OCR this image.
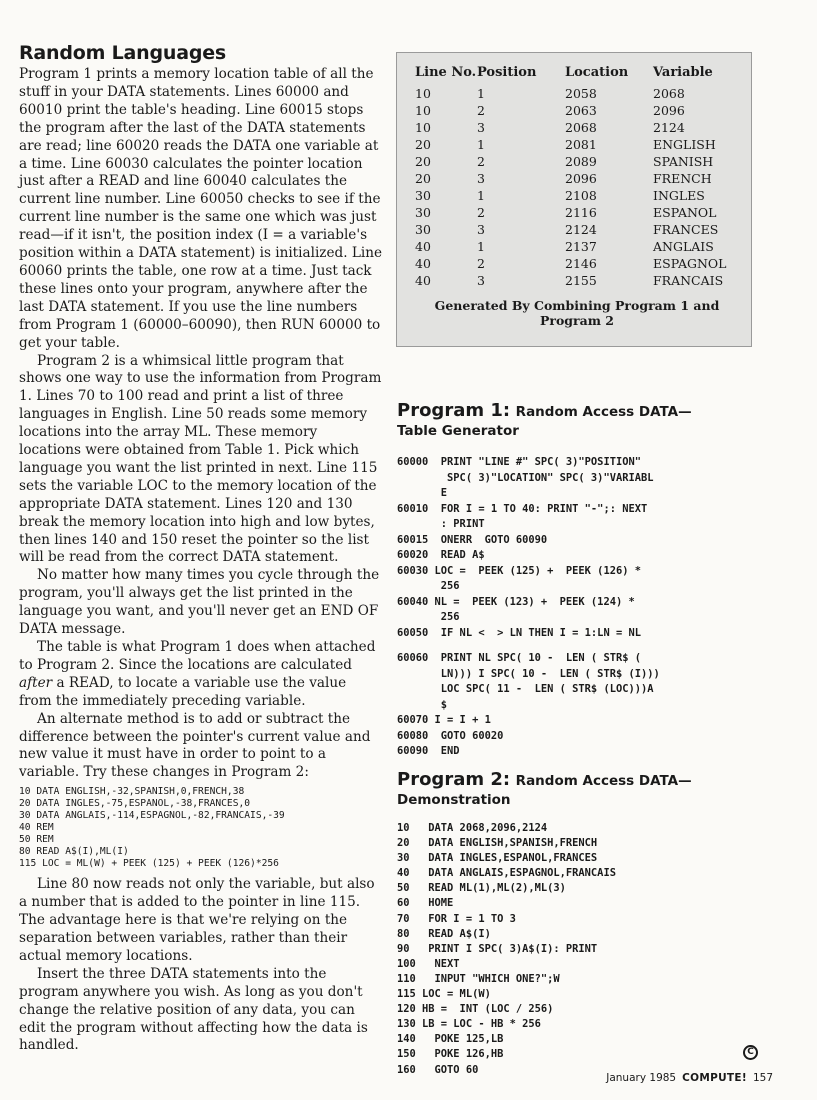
Random Languages

Program 1 prints a memory location table of all the stuff in your DATA statements. Lines 60000 and 60010 print the table's heading. Line 60015 stops the program after the last of the DATA statements are read; line 60020 reads the DATA one variable at a time. Line 60030 calculates the pointer location just after a READ and line 60040 calculates the current line number. Line 60050 checks to see if the current line number is the same one which was just read—if it isn't, the position index (I = a variable's position within a DATA statement) is initialized. Line 60060 prints the table, one row at a time. Just tack these lines onto your program, anywhere after the last DATA statement. If you use the line numbers from Program 1 (60000–60090), then RUN 60000 to get your table.

Program 2 is a whimsical little program that shows one way to use the information from Program 1. Lines 70 to 100 read and print a list of three languages in English. Line 50 reads some memory locations into the array ML. These memory locations were obtained from Table 1. Pick which language you want the list printed in next. Line 115 sets the variable LOC to the memory location of the appropriate DATA statement. Lines 120 and 130 break the memory location into high and low bytes, then lines 140 and 150 reset the pointer so the list will be read from the correct DATA statement.

No matter how many times you cycle through the program, you'll always get the list printed in the language you want, and you'll never get an END OF DATA message.

The table is what Program 1 does when attached to Program 2. Since the locations are calculated after a READ, to locate a variable use the value from the immediately preceding variable.

An alternate method is to add or subtract the difference between the pointer's current value and new value it must have in order to point to a variable. Try these changes in Program 2:

10 DATA ENGLISH,-32,SPANISH,0,FRENCH,38
20 DATA INGLES,-75,ESPANOL,-38,FRANCES,0
30 DATA ANGLAIS,-114,ESPAGNOL,-82,FRANCAIS,-39
40 REM
50 REM
80 READ A$(I),ML(I)
115 LOC = ML(W) + PEEK (125) + PEEK (126)*256

Line 80 now reads not only the variable, but also a number that is added to the pointer in line 115. The advantage here is that we're relying on the separation between variables, rather than their actual memory locations.

Insert the three DATA statements into the program anywhere you wish. As long as you don't change the relative position of any data, you can edit the program without affecting how the data is handled.

Line No.	Position	Location	Variable
10	1	2058	2068
10	2	2063	2096
10	3	2068	2124
20	1	2081	ENGLISH
20	2	2089	SPANISH
20	3	2096	FRENCH
30	1	2108	INGLES
30	2	2116	ESPANOL
30	3	2124	FRANCES
40	1	2137	ANGLAIS
40	2	2146	ESPAGNOL
40	3	2155	FRANCAIS
Generated By Combining Program 1 and Program 2
Program 1: Random Access DATA—
Table Generator
60000  PRINT "LINE #" SPC( 3)"POSITION"
SPC( 3)"LOCATION" SPC( 3)"VARIABL
E
60010  FOR I = 1 TO 40: PRINT "-";: NEXT
: PRINT
60015  ONERR  GOTO 60090
60020  READ A$
60030 LOC =  PEEK (125) +  PEEK (126) *
256
60040 NL =  PEEK (123) +  PEEK (124) *
256
60050  IF NL <  > LN THEN I = 1:LN = NL
60060  PRINT NL SPC( 10 -  LEN ( STR$ (
LN))) I SPC( 10 -  LEN ( STR$ (I)))
LOC SPC( 11 -  LEN ( STR$ (LOC)))A
$
60070 I = I + 1
60080  GOTO 60020
60090  END
Program 2: Random Access DATA—
Demonstration
10   DATA 2068,2096,2124
20   DATA ENGLISH,SPANISH,FRENCH
30   DATA INGLES,ESPANOL,FRANCES
40   DATA ANGLAIS,ESPAGNOL,FRANCAIS
50   READ ML(1),ML(2),ML(3)
60   HOME
70   FOR I = 1 TO 3
80   READ A$(I)
90   PRINT I SPC( 3)A$(I): PRINT
100   NEXT
110   INPUT "WHICH ONE?";W
115 LOC = ML(W)
120 HB =  INT (LOC / 256)
130 LB = LOC - HB * 256
140   POKE 125,LB
150   POKE 126,HB
160   GOTO 60
C
January 1985 COMPUTE! 157
